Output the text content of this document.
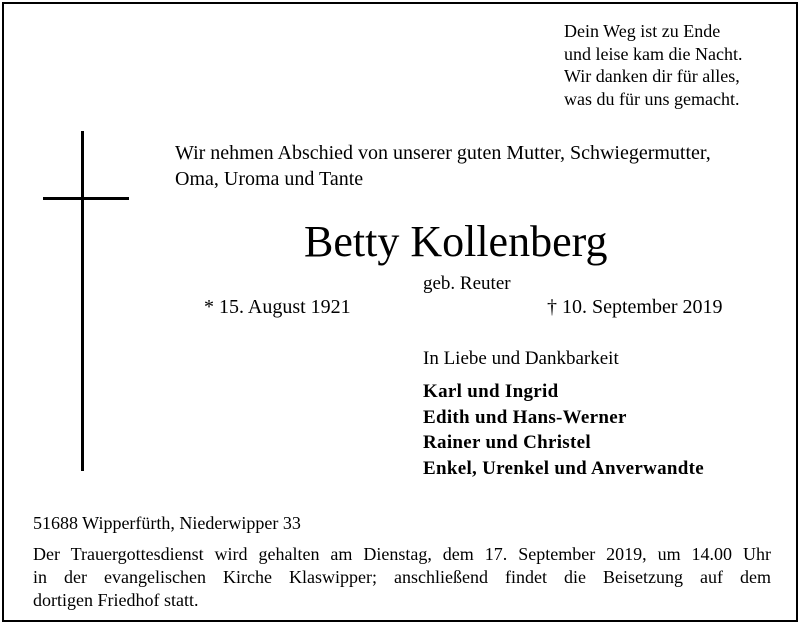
Dein Weg ist zu Ende
und leise kam die Nacht.
Wir danken dir für alles,
was du für uns gemacht.
Wir nehmen Abschied von unserer guten Mutter, Schwiegermutter,
Oma, Uroma und Tante
Betty Kollenberg
geb. Reuter
* 15. August 1921	† 10. September 2019
In Liebe und Dankbarkeit
Karl und Ingrid
Edith und Hans-Werner
Rainer und Christel
Enkel, Urenkel und Anverwandte
51688 Wipperfürth, Niederwipper 33
Der Trauergottesdienst wird gehalten am Dienstag, dem 17. September 2019, um 14.00 Uhr
in der evangelischen Kirche Klaswipper; anschließend findet die Beisetzung auf dem
dortigen Friedhof statt.
